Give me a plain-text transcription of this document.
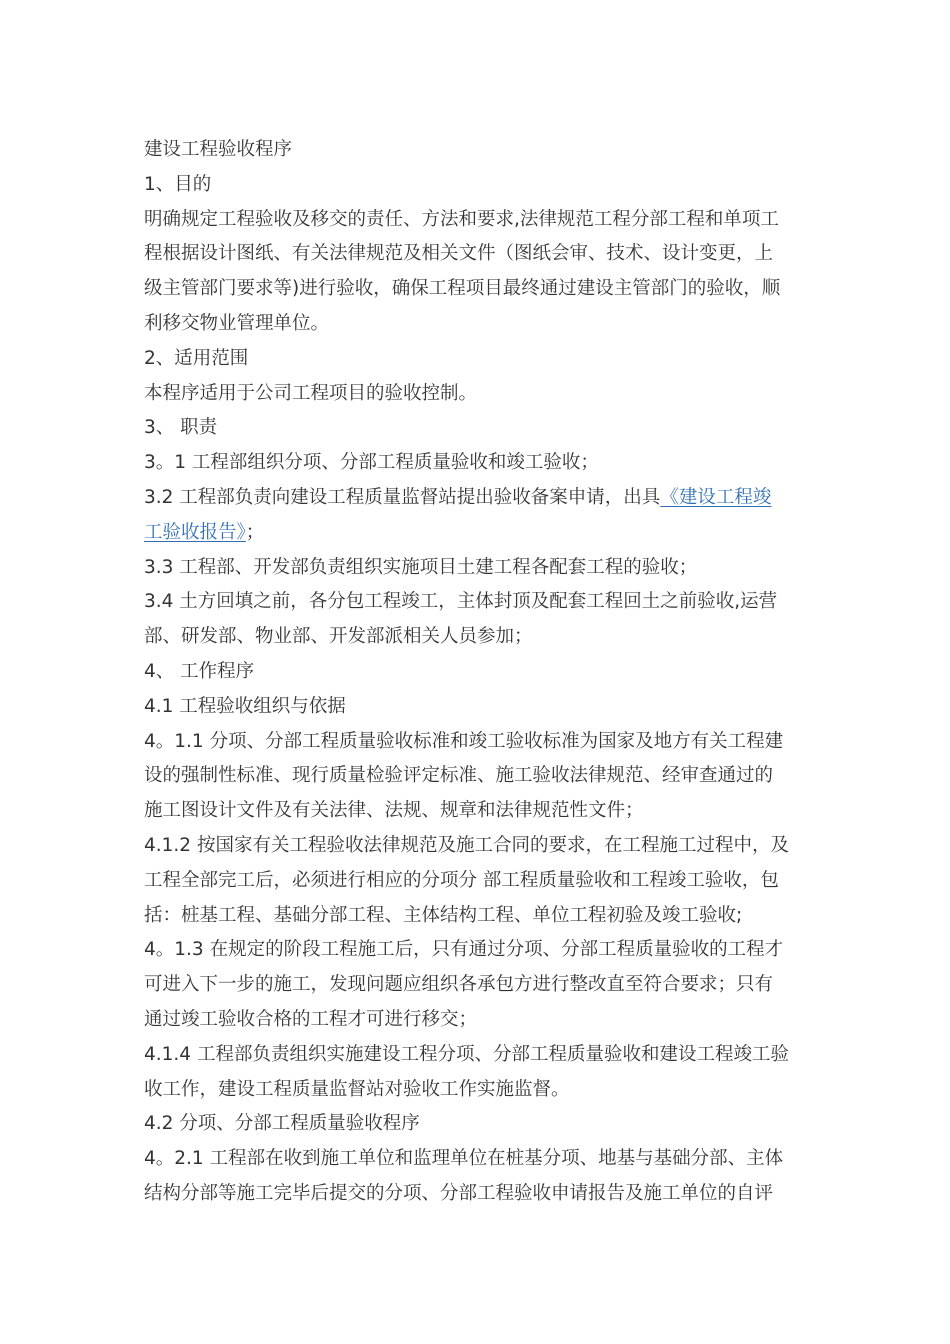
建设工程验收程序
1、目的
明确规定工程验收及移交的责任、方法和要求,法律规范工程分部工程和单项工
程根据设计图纸、有关法律规范及相关文件（图纸会审、技术、设计变更，上
级主管部门要求等)进行验收，确保工程项目最终通过建设主管部门的验收，顺
利移交物业管理单位。
2、适用范围
本程序适用于公司工程项目的验收控制。
3、 职责
3。1 工程部组织分项、分部工程质量验收和竣工验收；
3.2 工程部负责向建设工程质量监督站提出验收备案申请，出具《建设工程竣
工验收报告》；
3.3 工程部、开发部负责组织实施项目土建工程各配套工程的验收；
3.4 土方回填之前，各分包工程竣工，主体封顶及配套工程回土之前验收,运营
部、研发部、物业部、开发部派相关人员参加；
4、 工作程序
4.1 工程验收组织与依据
4。1.1 分项、分部工程质量验收标准和竣工验收标准为国家及地方有关工程建
设的强制性标准、现行质量检验评定标准、施工验收法律规范、经审查通过的
施工图设计文件及有关法律、法规、规章和法律规范性文件；
4.1.2 按国家有关工程验收法律规范及施工合同的要求，在工程施工过程中，及
工程全部完工后，必须进行相应的分项分 部工程质量验收和工程竣工验收，包
括：桩基工程、基础分部工程、主体结构工程、单位工程初验及竣工验收;
4。1.3 在规定的阶段工程施工后，只有通过分项、分部工程质量验收的工程才
可进入下一步的施工，发现问题应组织各承包方进行整改直至符合要求；只有
通过竣工验收合格的工程才可进行移交；
4.1.4 工程部负责组织实施建设工程分项、分部工程质量验收和建设工程竣工验
收工作，建设工程质量监督站对验收工作实施监督。
4.2 分项、分部工程质量验收程序
4。2.1 工程部在收到施工单位和监理单位在桩基分项、地基与基础分部、主体
结构分部等施工完毕后提交的分项、分部工程验收申请报告及施工单位的自评
